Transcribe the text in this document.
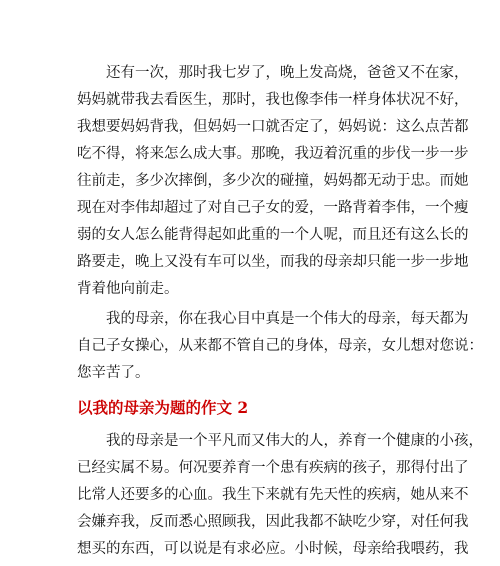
还有一次，那时我七岁了，晚上发高烧，爸爸又不在家，
妈妈就带我去看医生，那时，我也像李伟一样身体状况不好，
我想要妈妈背我，但妈妈一口就否定了，妈妈说：这么点苦都
吃不得，将来怎么成大事。那晚，我迈着沉重的步伐一步一步
往前走，多少次摔倒，多少次的碰撞，妈妈都无动于忠。而她
现在对李伟却超过了对自己子女的爱，一路背着李伟，一个瘦
弱的女人怎么能背得起如此重的一个人呢，而且还有这么长的
路要走，晚上又没有车可以坐，而我的母亲却只能一步一步地
背着他向前走。
我的母亲，你在我心目中真是一个伟大的母亲，每天都为
自己子女操心，从来都不管自己的身体，母亲，女儿想对您说：
您辛苦了。
以我的母亲为题的作文 2
我的母亲是一个平凡而又伟大的人，养育一个健康的小孩，
已经实属不易。何况要养育一个患有疾病的孩子，那得付出了
比常人还要多的心血。我生下来就有先天性的疾病，她从来不
会嫌弃我，反而悉心照顾我，因此我都不缺吃少穿，对任何我
想买的东西，可以说是有求必应。小时候，母亲给我喂药，我
